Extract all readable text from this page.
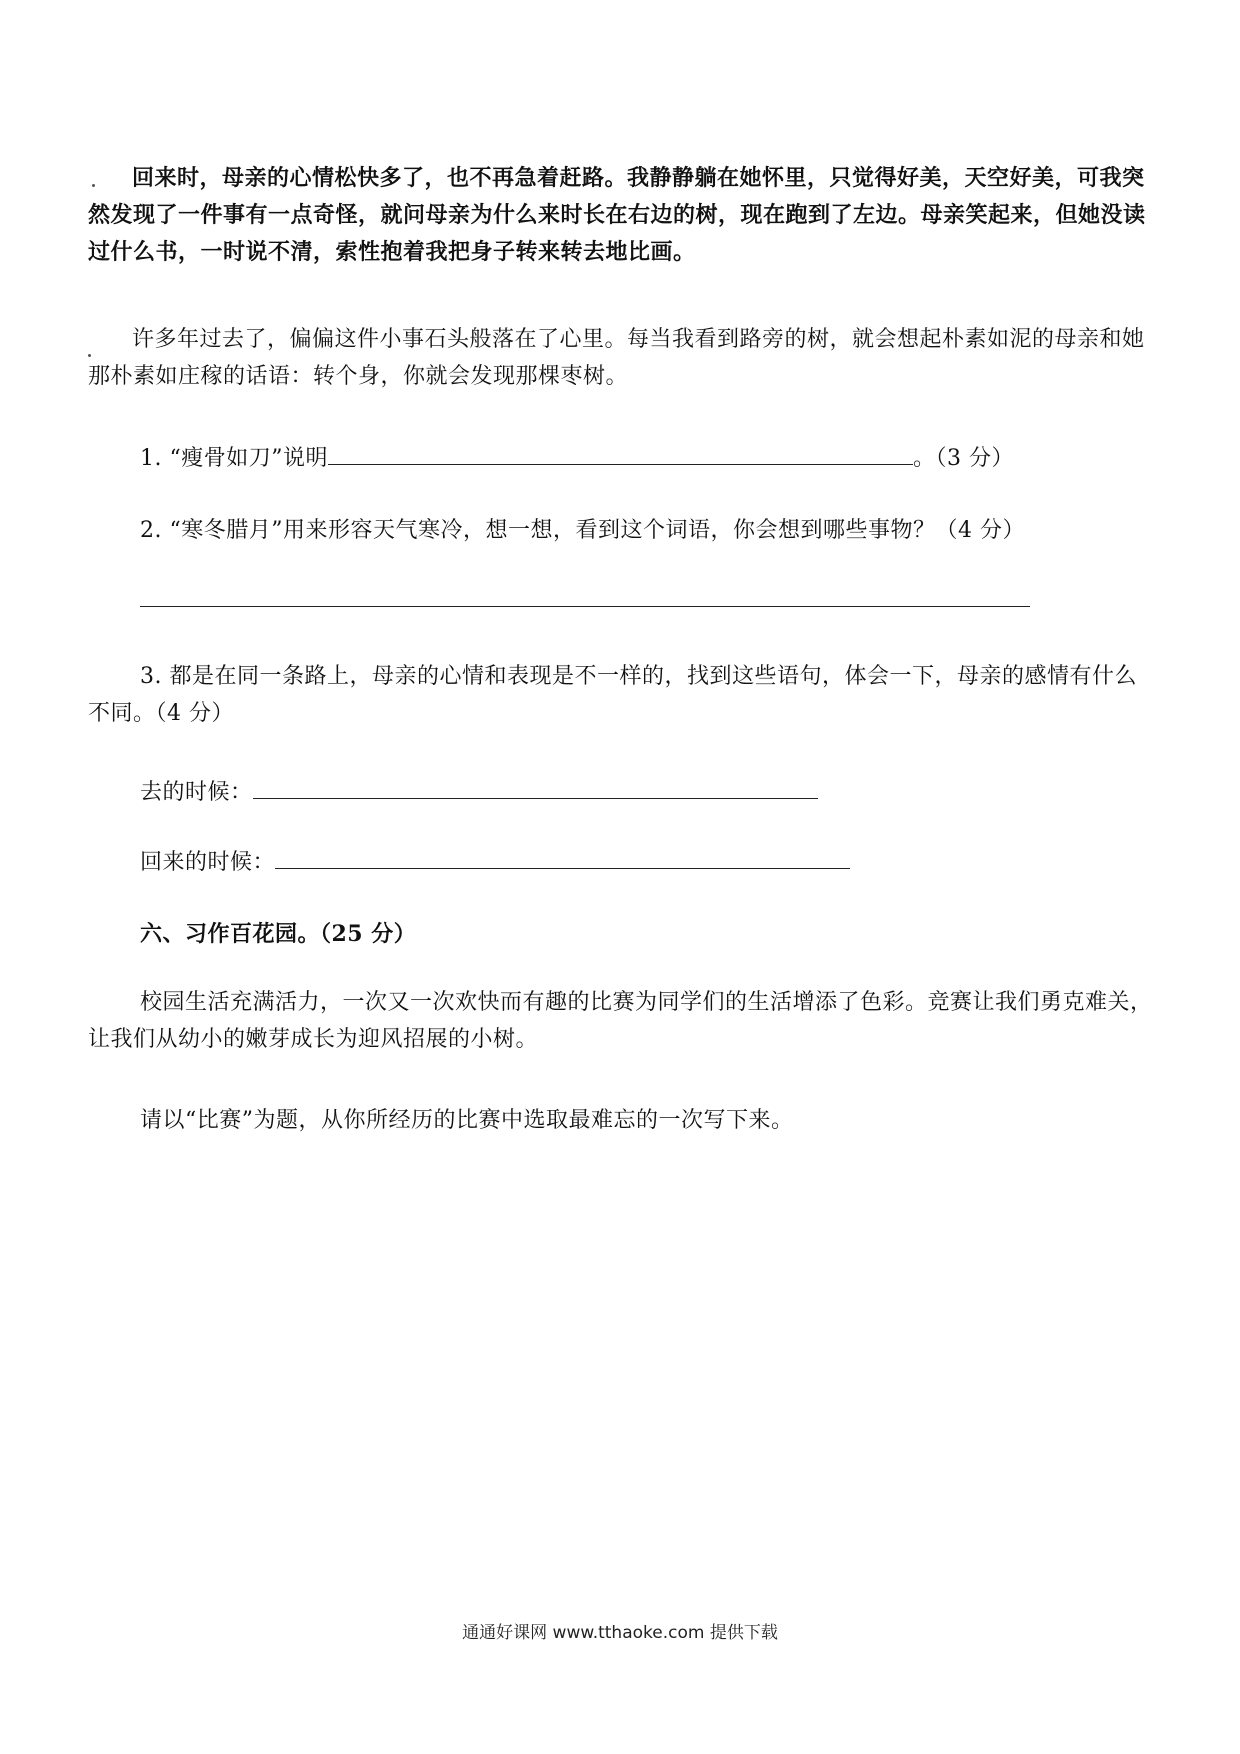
回来时，母亲的心情松快多了，也不再急着赶路。我静静躺在她怀里，只觉得好美，天空好美，可我突然发现了一件事有一点奇怪，就问母亲为什么来时长在右边的树，现在跑到了左边。母亲笑起来，但她没读过什么书，一时说不清，索性抱着我把身子转来转去地比画。

许多年过去了，偏偏这件小事石头般落在了心里。每当我看到路旁的树，就会想起朴素如泥的母亲和她那朴素如庄稼的话语：转个身，你就会发现那棵枣树。

1. “瘦骨如刀”说明	。（3 分）

2. “寒冬腊月”用来形容天气寒冷，想一想，看到这个词语，你会想到哪些事物？（4 分）

3. 都是在同一条路上，母亲的心情和表现是不一样的，找到这些语句，体会一下，母亲的感情有什么不同。（4 分）

去的时候：
回来的时候：

六、习作百花园。（25 分）

校园生活充满活力，一次又一次欢快而有趣的比赛为同学们的生活增添了色彩。竞赛让我们勇克难关，让我们从幼小的嫩芽成长为迎风招展的小树。

请以“比赛”为题，从你所经历的比赛中选取最难忘的一次写下来。

通通好课网 www.tthaoke.com 提供下载
